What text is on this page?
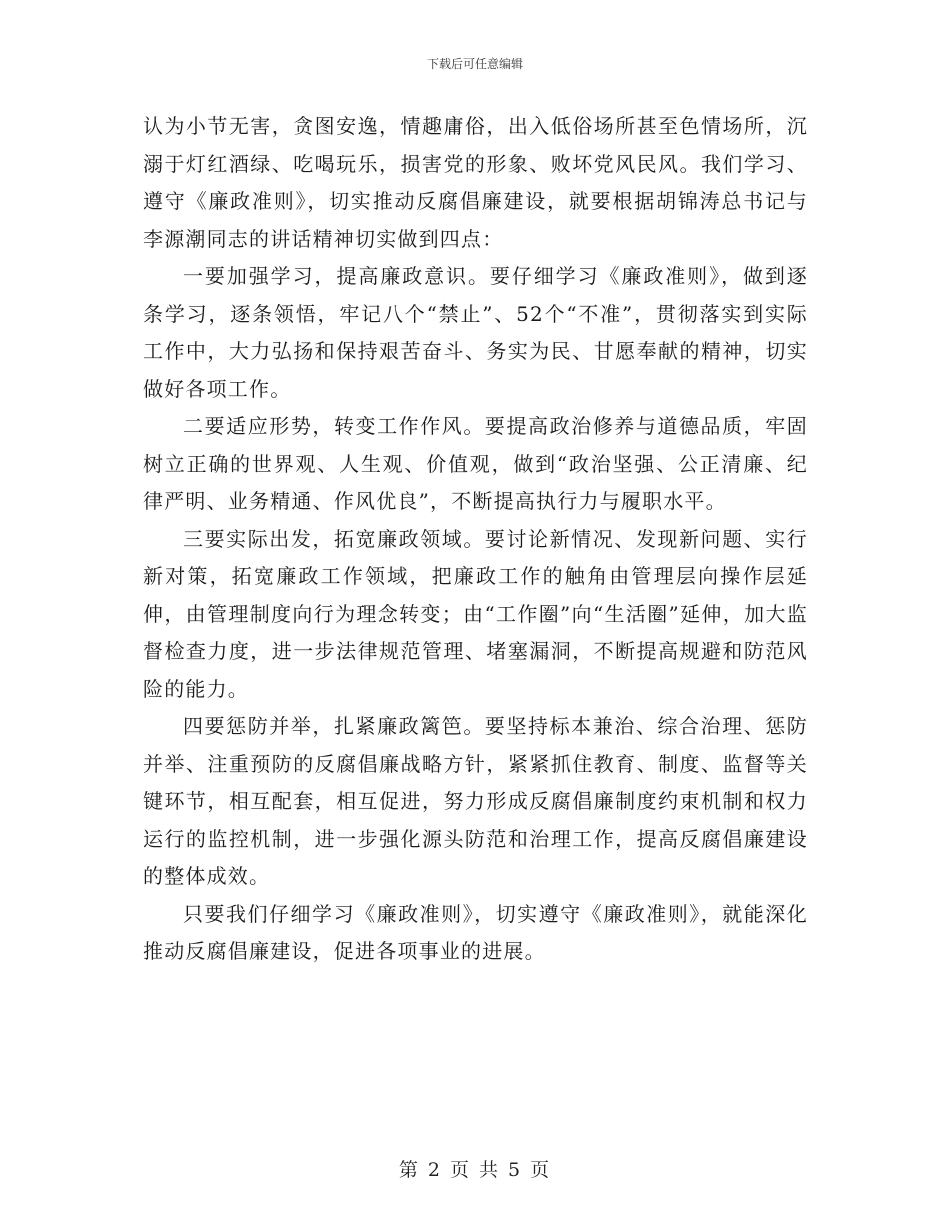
下载后可任意编辑

认为小节无害，贪图安逸，情趣庸俗，出入低俗场所甚至色情场所，沉溺于灯红酒绿、吃喝玩乐，损害党的形象、败坏党风民风。我们学习、遵守《廉政准则》，切实推动反腐倡廉建设，就要根据胡锦涛总书记与李源潮同志的讲话精神切实做到四点：

一要加强学习，提高廉政意识。要仔细学习《廉政准则》，做到逐条学习，逐条领悟，牢记八个“禁止”、52个“不准”，贯彻落实到实际工作中，大力弘扬和保持艰苦奋斗、务实为民、甘愿奉献的精神，切实做好各项工作。

二要适应形势，转变工作作风。要提高政治修养与道德品质，牢固树立正确的世界观、人生观、价值观，做到“政治坚强、公正清廉、纪律严明、业务精通、作风优良”，不断提高执行力与履职水平。

三要实际出发，拓宽廉政领域。要讨论新情况、发现新问题、实行新对策，拓宽廉政工作领域，把廉政工作的触角由管理层向操作层延伸，由管理制度向行为理念转变；由“工作圈”向“生活圈”延伸，加大监督检查力度，进一步法律规范管理、堵塞漏洞，不断提高规避和防范风险的能力。

四要惩防并举，扎紧廉政篱笆。要坚持标本兼治、综合治理、惩防并举、注重预防的反腐倡廉战略方针，紧紧抓住教育、制度、监督等关键环节，相互配套，相互促进，努力形成反腐倡廉制度约束机制和权力运行的监控机制，进一步强化源头防范和治理工作，提高反腐倡廉建设的整体成效。

只要我们仔细学习《廉政准则》，切实遵守《廉政准则》，就能深化推动反腐倡廉建设，促进各项事业的进展。

第 2 页 共 5 页
